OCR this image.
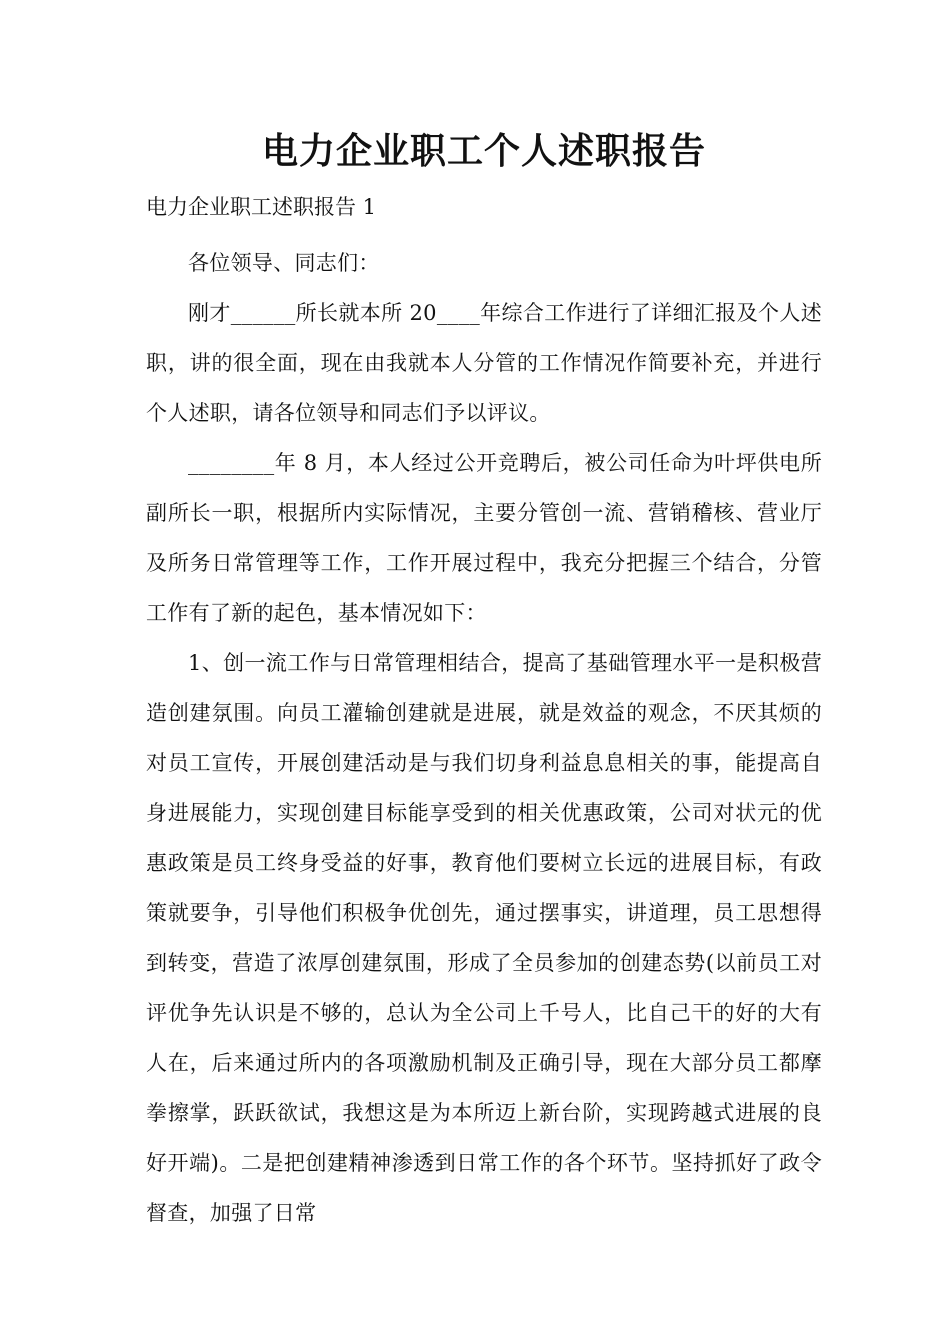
电力企业职工个人述职报告

电力企业职工述职报告 1

各位领导、同志们：

刚才______所长就本所 20____年综合工作进行了详细汇报及个人述职，讲的很全面，现在由我就本人分管的工作情况作简要补充，并进行个人述职，请各位领导和同志们予以评议。

________年 8 月，本人经过公开竞聘后，被公司任命为叶坪供电所副所长一职，根据所内实际情况，主要分管创一流、营销稽核、营业厅及所务日常管理等工作，工作开展过程中，我充分把握三个结合，分管工作有了新的起色，基本情况如下：

1、创一流工作与日常管理相结合，提高了基础管理水平一是积极营造创建氛围。向员工灌输创建就是进展，就是效益的观念，不厌其烦的对员工宣传，开展创建活动是与我们切身利益息息相关的事，能提高自身进展能力，实现创建目标能享受到的相关优惠政策，公司对状元的优惠政策是员工终身受益的好事，教育他们要树立长远的进展目标，有政策就要争，引导他们积极争优创先，通过摆事实，讲道理，员工思想得到转变，营造了浓厚创建氛围，形成了全员参加的创建态势(以前员工对评优争先认识是不够的，总认为全公司上千号人，比自己干的好的大有人在，后来通过所内的各项激励机制及正确引导，现在大部分员工都摩拳擦掌，跃跃欲试，我想这是为本所迈上新台阶，实现跨越式进展的良好开端)。二是把创建精神渗透到日常工作的各个环节。坚持抓好了政令督查，加强了日常
